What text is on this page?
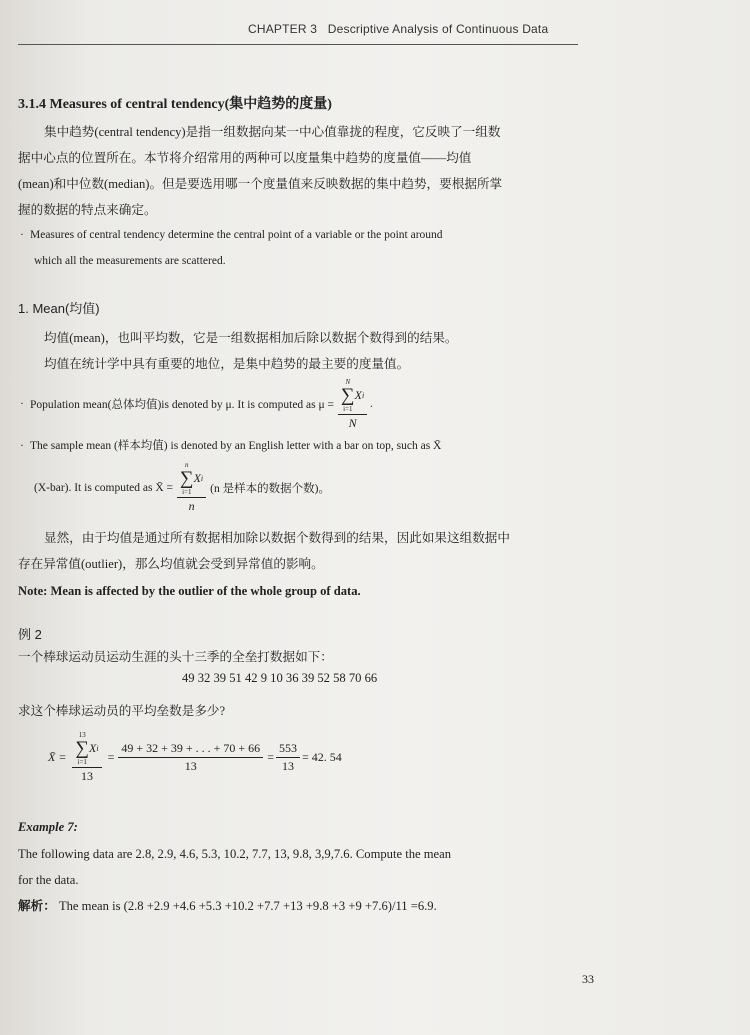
CHAPTER 3 Descriptive Analysis of Continuous Data
3.1.4 Measures of central tendency(集中趋势的度量)
集中趋势(central tendency)是指一组数据向某一中心值靠拢的程度，它反映了一组数
据中心点的位置所在。本节将介绍常用的两种可以度量集中趋势的度量值——均值
(mean)和中位数(median)。但是要选用哪一个度量值来反映数据的集中趋势，要根据所掌
握的数据的特点来确定。
· Measures of central tendency determine the central point of a variable or the point around
which all the measurements are scattered.
1. Mean(均值)
均值(mean)，也叫平均数，它是一组数据相加后除以数据个数得到的结果。
均值在统计学中具有重要的地位，是集中趋势的最主要的度量值。
· Population mean(总体均值)is denoted by μ. It is computed as μ = N
∑
i=1
X i
N .
· The sample mean (样本均值) is denoted by an English letter with a bar on top, such as X̄
(X-bar). It is computed as X̄ = n
∑
i=1
X i
n (n 是样本的数据个数)。
显然，由于均值是通过所有数据相加除以数据个数得到的结果，因此如果这组数据中
存在异常值(outlier)，那么均值就会受到异常值的影响。
Note: Mean is affected by the outlier of the whole group of data.
例 2
一个棒球运动员运动生涯的头十三季的全垒打数据如下：
49 32 39 51 42 9 10 36 39 52 58 70 66
求这个棒球运动员的平均垒数是多少?
X̄ = 13
∑
i=1
X i
$13 = \frac{49 + 32 + 39 + . . . + 70 + 66}{13} = \frac{553}{13} = 42$. 54
Example 7:
The following data are 2.8, 2.9, 4.6, 5.3, 10.2, 7.7, 13, 9.8, 3,9,7.6. Compute the mean
for the data.
解析： The mean is (2.8 +2.9 +4.6 +5.3 +10.2 +7.7 +13 +9.8 +3 +9 +7.6)/11 =6.9.
33
